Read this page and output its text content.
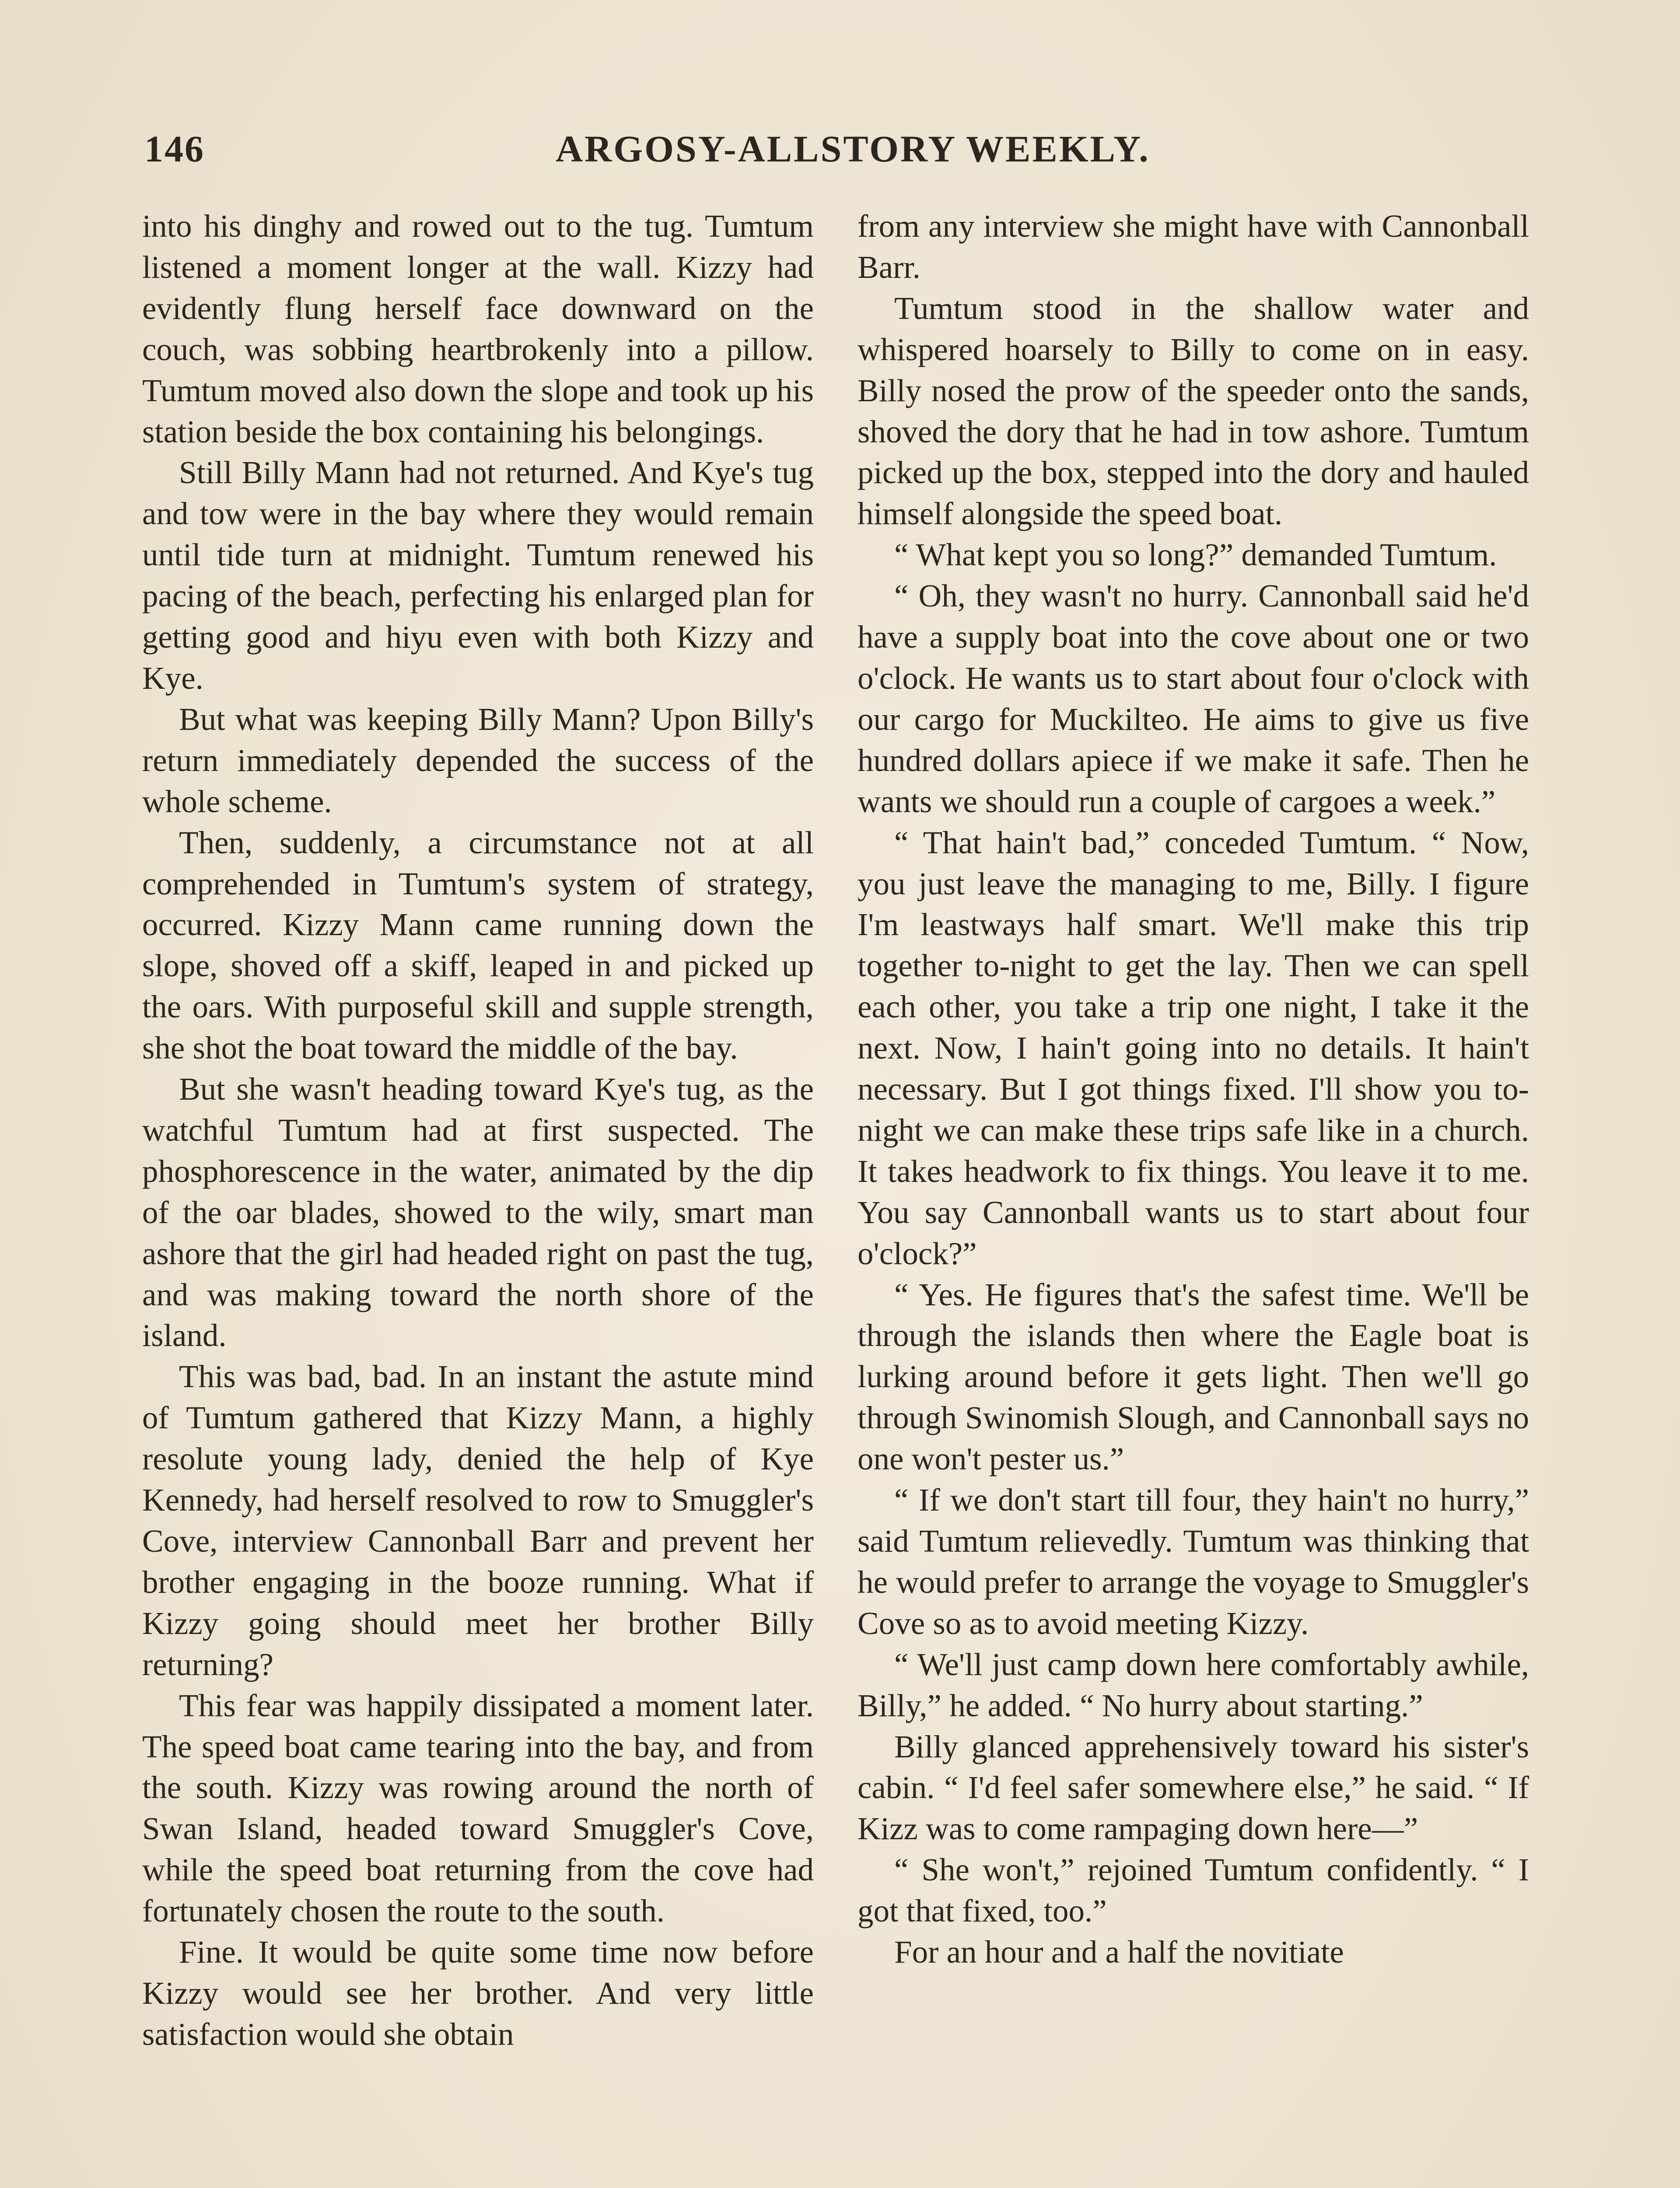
146	ARGOSY-ALLSTORY WEEKLY.

into his dinghy and rowed out to the tug. Tumtum listened a moment longer at the wall. Kizzy had evidently flung herself face downward on the couch, was sobbing heartbrokenly into a pillow. Tumtum moved also down the slope and took up his station beside the box containing his belongings.

Still Billy Mann had not returned. And Kye's tug and tow were in the bay where they would remain until tide turn at midnight. Tumtum renewed his pacing of the beach, perfecting his enlarged plan for getting good and hiyu even with both Kizzy and Kye.

But what was keeping Billy Mann? Upon Billy's return immediately depended the success of the whole scheme.

Then, suddenly, a circumstance not at all comprehended in Tumtum's system of strategy, occurred. Kizzy Mann came running down the slope, shoved off a skiff, leaped in and picked up the oars. With purposeful skill and supple strength, she shot the boat toward the middle of the bay.

But she wasn't heading toward Kye's tug, as the watchful Tumtum had at first suspected. The phosphorescence in the water, animated by the dip of the oar blades, showed to the wily, smart man ashore that the girl had headed right on past the tug, and was making toward the north shore of the island.

This was bad, bad. In an instant the astute mind of Tumtum gathered that Kizzy Mann, a highly resolute young lady, denied the help of Kye Kennedy, had herself resolved to row to Smuggler's Cove, interview Cannonball Barr and prevent her brother engaging in the booze running. What if Kizzy going should meet her brother Billy returning?

This fear was happily dissipated a moment later. The speed boat came tearing into the bay, and from the south. Kizzy was rowing around the north of Swan Island, headed toward Smuggler's Cove, while the speed boat returning from the cove had fortunately chosen the route to the south.

Fine. It would be quite some time now before Kizzy would see her brother. And very little satisfaction would she obtain

from any interview she might have with Cannonball Barr.

Tumtum stood in the shallow water and whispered hoarsely to Billy to come on in easy. Billy nosed the prow of the speeder onto the sands, shoved the dory that he had in tow ashore. Tumtum picked up the box, stepped into the dory and hauled himself alongside the speed boat.

“ What kept you so long?” demanded Tumtum.

“ Oh, they wasn't no hurry. Cannonball said he'd have a supply boat into the cove about one or two o'clock. He wants us to start about four o'clock with our cargo for Muckilteo. He aims to give us five hundred dollars apiece if we make it safe. Then he wants we should run a couple of cargoes a week.”

“ That hain't bad,” conceded Tumtum. “ Now, you just leave the managing to me, Billy. I figure I'm leastways half smart. We'll make this trip together to-night to get the lay. Then we can spell each other, you take a trip one night, I take it the next. Now, I hain't going into no details. It hain't necessary. But I got things fixed. I'll show you to-night we can make these trips safe like in a church. It takes headwork to fix things. You leave it to me. You say Cannonball wants us to start about four o'clock?”

“ Yes. He figures that's the safest time. We'll be through the islands then where the Eagle boat is lurking around before it gets light. Then we'll go through Swinomish Slough, and Cannonball says no one won't pester us.”

“ If we don't start till four, they hain't no hurry,” said Tumtum relievedly. Tumtum was thinking that he would prefer to arrange the voyage to Smuggler's Cove so as to avoid meeting Kizzy.

“ We'll just camp down here comfortably awhile, Billy,” he added. “ No hurry about starting.”

Billy glanced apprehensively toward his sister's cabin. “ I'd feel safer somewhere else,” he said. “ If Kizz was to come rampaging down here—”

“ She won't,” rejoined Tumtum confidently. “ I got that fixed, too.”

For an hour and a half the novitiate
